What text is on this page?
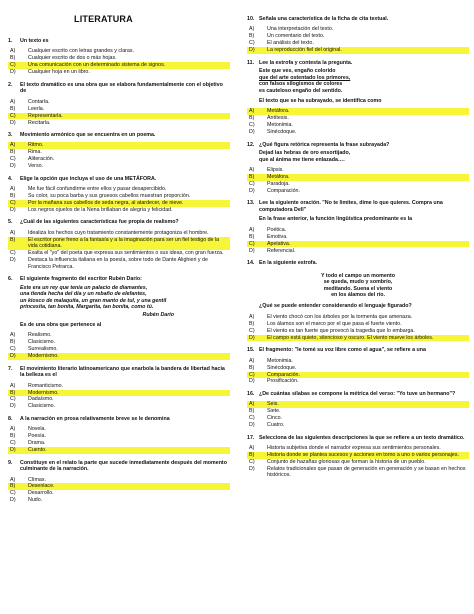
LITERATURA
1.	Un texto es
A)	Cualquier escrito con letras grandes y claras.
B)	Cualquier escrito de dos o más hojas.
C)	Una comunicación con un determinado sistema de signos.
D)	Cualquier hoja en un libro.
2.	El texto dramático es una obra que se elabora fundamentalmente con el objetivo de
A)	Contarla.
B)	Leerla.
C)	Representarla.
D)	Recitarla.
3.	Movimiento armónico que se encuentra en un poema.
A)	Ritmo.
B)	Rima.
C)	Aliteración.
D)	Verso.
4.	Elige la opción que incluya el uso de una METÁFORA.
A)	Me fue fácil confundirme entre ellos y pasar desapercibido.
B)	Su color, su poca barba y sus gruesos cabellos muestran proporción.
C)	Por la mañana sus cabellos de seda negra, al atardecer, de nieve.
D)	Los negros ojuelos de la Nena brillaban de alegría y felicidad.
5.	¿Cuál de las siguientes características fue propia de realismo?
A)	Idealiza los hechos cuyo tratamiento constantemente protagoniza el hombre.
B)	El escritor pone freno a la fantasía y a la imaginación para ser un fiel testigo de la vida cotidiana.
C)	Exalta el "yo" del poeta que expresa sus sentimientos o sus ideas, con gran fuerza.
D)	Destaca la influencia italiana en la poesía, sobre todo de Dante Alighieri y de Francisco Petrarca.
6.	El siguiente fragmento del escritor Rubén Darío:
Este era un rey que tenía un palacio de diamantes,
una tienda hecha del día y un rebaño de elefantes,
un kiosco de malaquita, un gran manto de tul, y una gentil
princesita, tan bonita, Margarita, tan bonita, como tú.
Rubén Darío
Es de una obra que pertenece al
A)	Realismo.
B)	Clasicismo.
C)	Surrealismo.
D)	Modernismo.
7.	El movimiento literario latinoamericano que enarbola la bandera de libertad hacia la belleza es el
A)	Romanticismo.
B)	Modernismo.
C)	Dadaísmo.
D)	Clasicismo.
8.	A la narración en prosa relativamente breve se le denomina
A)	Novela.
B)	Poesía.
C)	Drama.
D)	Cuento.
9.	Constituye en el relato la parte que sucede inmediatamente después del momento culminante de la narración.
A)	Clímax.
B)	Desenlace.
C)	Desarrollo.
D)	Nudo.
10. Señala una característica de la ficha de cita textual.
A)	Una interpretación del texto.
B)	Un comentario del texto.
C)	El análisis del texto.
D)	La reproducción fiel del original.
11. Lee la estrofa y contesta la pregunta.
Este que ves, engaño colorido
que del arte ostentado los primores,
con falsos silogismos de colores
es cauteloso engaño del sentido.
El texto que se ha subrayado, se identifica como
A)	Metáfora.
B)	Antítesis.
C)	Metonimia.
D)	Sinécdoque.
12. ¿Qué figura retórica representa la frase subrayada?
Dejad las hebras de oro ensortijado,
que al ánima me tiene enlazada….
A)	Elipsis.
B)	Metáfora.
C)	Paradoja.
D)	Comparación.
13. Lee la siguiente oración. "No te limites, dime lo que quieres. Compra una computadora Dell"
En la frase anterior, la función lingüística predominante es la
A)	Poética.
B)	Emotiva.
C)	Apelativa.
D)	Referencial.
14. En la siguiente estrofa.
Y todo el campo un momento
se queda, mudo y sombrío,
meditando. Suena el viento
en los álamos del río.
¿Qué se puede entender considerando el lenguaje figurado?
A)	El viento chocó con los árboles por la tormenta que amenaza.
B)	Los álamos son el marco por el que pasa el fuerte viento.
C)	El viento es tan fuerte que provocó la tragedia que lo embarga.
D)	El campo está quieto, silencioso y oscuro. El viento mueve los árboles.
15. El fragmento: "le tomé su voz libre como el agua", se refiere a una
A)	Metonimia.
B)	Sinécdoque.
C)	Comparación.
D)	Prosificación.
16. ¿De cuántas sílabas se compone la métrica del verso: "Yo tuve un hermano"?
A)	Seis.
B)	Siete.
C)	Cinco.
D)	Cuatro.
17. Selecciona de las siguientes descripciones la que se refiere a un texto dramático.
A)	Historia subjetiva donde el narrador expresa sus sentimientos personales.
B)	Historia donde se plantea sucesos y acciones en torno a uno o varios personajes.
C)	Conjunto de hazañas gloriosas que forman la historia de un pueblo.
D)	Relatos tradicionales que pasan de generación en generación y se basan en hechos históricos.
